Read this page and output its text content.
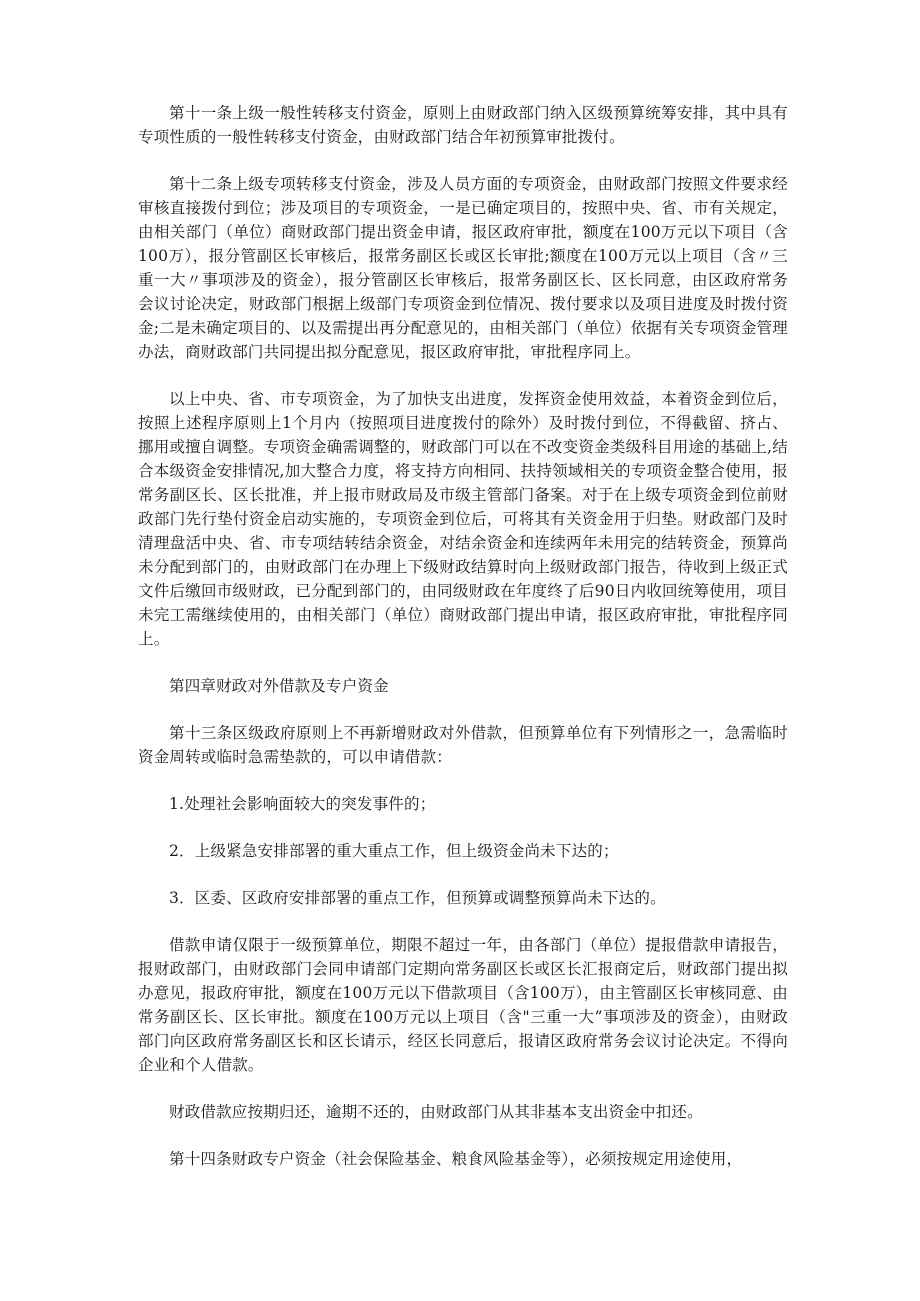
第十一条上级一般性转移支付资金，原则上由财政部门纳入区级预算统筹安排，其中具有专项性质的一般性转移支付资金，由财政部门结合年初预算审批拨付。

第十二条上级专项转移支付资金，涉及人员方面的专项资金，由财政部门按照文件要求经审核直接拨付到位；涉及项目的专项资金，一是已确定项目的，按照中央、省、市有关规定，由相关部门（单位）商财政部门提出资金申请，报区政府审批，额度在100万元以下项目（含100万），报分管副区长审核后，报常务副区长或区长审批;额度在100万元以上项目（含〃三重一大〃事项涉及的资金），报分管副区长审核后，报常务副区长、区长同意，由区政府常务会议讨论决定，财政部门根据上级部门专项资金到位情况、拨付要求以及项目进度及时拨付资金;二是未确定项目的、以及需提出再分配意见的，由相关部门（单位）依据有关专项资金管理办法，商财政部门共同提出拟分配意见，报区政府审批，审批程序同上。

以上中央、省、市专项资金，为了加快支出进度，发挥资金使用效益，本着资金到位后，按照上述程序原则上1个月内（按照项目进度拨付的除外）及时拨付到位，不得截留、挤占、挪用或擅自调整。专项资金确需调整的，财政部门可以在不改变资金类级科目用途的基础上,结合本级资金安排情况,加大整合力度，将支持方向相同、扶持领域相关的专项资金整合使用，报常务副区长、区长批准，并上报市财政局及市级主管部门备案。对于在上级专项资金到位前财政部门先行垫付资金启动实施的，专项资金到位后，可将其有关资金用于归垫。财政部门及时清理盘活中央、省、市专项结转结余资金，对结余资金和连续两年未用完的结转资金，预算尚未分配到部门的，由财政部门在办理上下级财政结算时向上级财政部门报告，待收到上级正式文件后缴回市级财政，已分配到部门的，由同级财政在年度终了后90日内收回统筹使用，项目未完工需继续使用的，由相关部门（单位）商财政部门提出申请，报区政府审批，审批程序同上。

第四章财政对外借款及专户资金

第十三条区级政府原则上不再新增财政对外借款，但预算单位有下列情形之一，急需临时资金周转或临时急需垫款的，可以申请借款：

1.处理社会影响面较大的突发事件的；

2．上级紧急安排部署的重大重点工作，但上级资金尚未下达的；

3．区委、区政府安排部署的重点工作，但预算或调整预算尚未下达的。

借款申请仅限于一级预算单位，期限不超过一年，由各部门（单位）提报借款申请报告，报财政部门，由财政部门会同申请部门定期向常务副区长或区长汇报商定后，财政部门提出拟办意见，报政府审批，额度在100万元以下借款项目（含100万），由主管副区长审核同意、由常务副区长、区长审批。额度在100万元以上项目（含"三重一大”事项涉及的资金），由财政部门向区政府常务副区长和区长请示，经区长同意后，报请区政府常务会议讨论决定。不得向企业和个人借款。

财政借款应按期归还，逾期不还的，由财政部门从其非基本支出资金中扣还。

第十四条财政专户资金（社会保险基金、粮食风险基金等），必须按规定用途使用，
